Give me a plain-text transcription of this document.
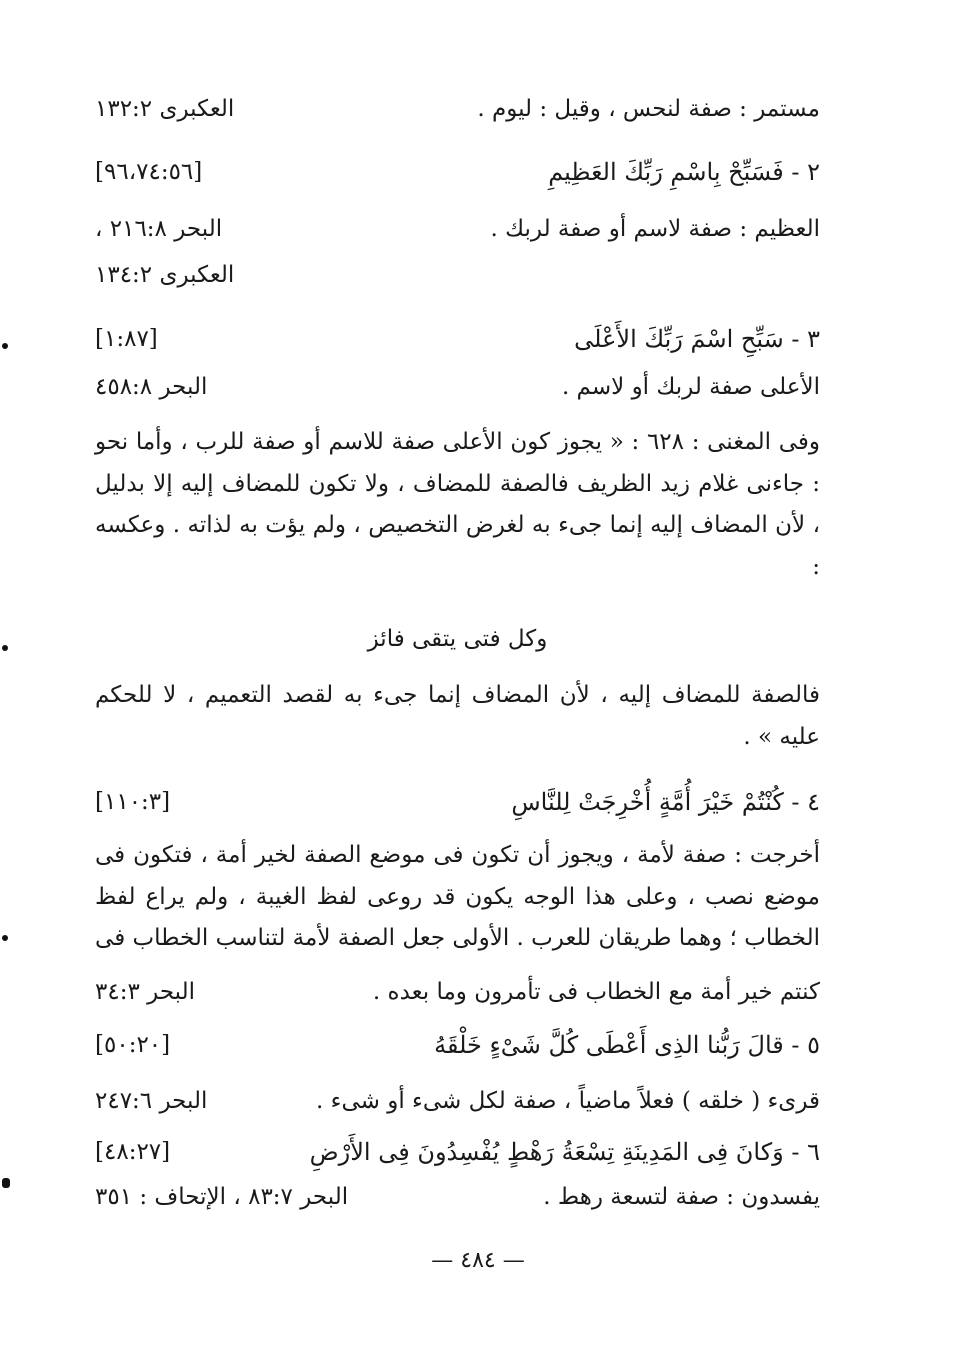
مستمر : صفة لنحس ، وقيل : ليوم .
العكبرى ١٣٢:٢
٢ - فَسَبِّحْ بِاسْمِ رَبِّكَ العَظِيمِ
[٩٦،٧٤:٥٦]
العظيم : صفة لاسم أو صفة لربك .
البحر ٢١٦:٨ ،
العكبرى ١٣٤:٢
٣ - سَبِّحِ اسْمَ رَبِّكَ الأَعْلَى
[١:٨٧]
الأعلى صفة لربك أو لاسم .
البحر ٤٥٨:٨
وفى المغنى : ٦٢٨ : « يجوز كون الأعلى صفة للاسم أو صفة للرب ، وأما نحو : جاءنى غلام زيد الظريف فالصفة للمضاف ، ولا تكون للمضاف إليه إلا بدليل ، لأن المضاف إليه إنما جىء به لغرض التخصيص ، ولم يؤت به لذاته . وعكسه :
وكل فتى يتقى فائز
فالصفة للمضاف إليه ، لأن المضاف إنما جىء به لقصد التعميم ، لا للحكم عليه » .
٤ - كُنْتُمْ خَيْرَ أُمَّةٍ أُخْرِجَتْ لِلنَّاسِ
[١١٠:٣]
أخرجت : صفة لأمة ، ويجوز أن تكون فى موضع الصفة لخير أمة ، فتكون فى موضع نصب ، وعلى هذا الوجه يكون قد روعى لفظ الغيبة ، ولم يراع لفظ الخطاب ؛ وهما طريقان للعرب . الأولى جعل الصفة لأمة لتناسب الخطاب فى
كنتم خير أمة مع الخطاب فى تأمرون وما بعده .
البحر ٣٤:٣
٥ - قالَ رَبُّنا الذِى أَعْطَى كُلَّ شَىْءٍ خَلْقَهُ
[٥٠:٢٠]
قرىء ( خلقه ) فعلاً ماضياً ، صفة لكل شىء أو شىء .
البحر ٢٤٧:٦
٦ - وَكانَ فِى المَدِينَةِ تِسْعَةُ رَهْطٍ يُفْسِدُونَ فِى الأَرْضِ
[٤٨:٢٧]
يفسدون : صفة لتسعة رهط .
البحر ٨٣:٧ ، الإتحاف : ٣٥١
— ٤٨٤ —
